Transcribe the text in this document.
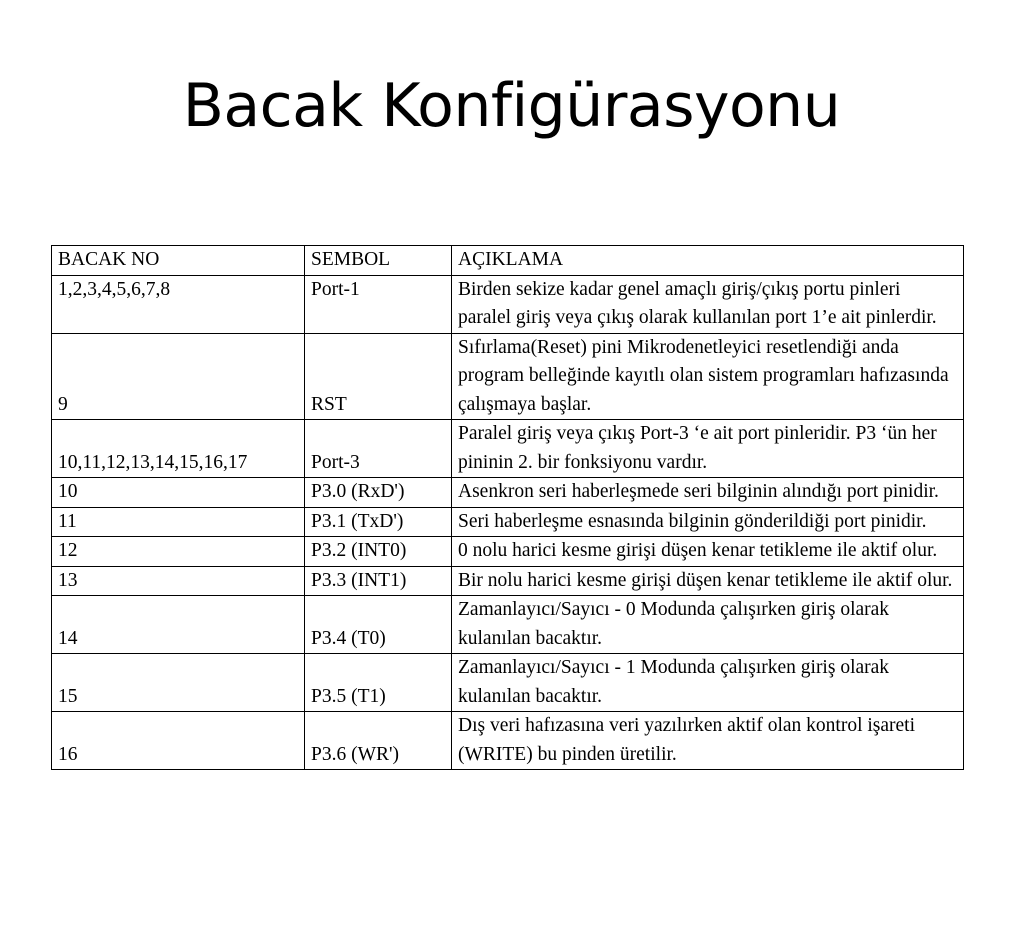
Bacak Konfigürasyonu
BACAK NO	SEMBOL	AÇIKLAMA
1,2,3,4,5,6,7,8	Port-1	Birden sekize kadar genel amaçlı giriş/çıkış portu pinleri paralel giriş veya çıkış olarak kullanılan port 1’e ait pinlerdir.
9	RST	Sıfırlama(Reset) pini Mikrodenetleyici resetlendiği anda program belleğinde kayıtlı olan sistem programları hafızasında çalışmaya başlar.
10,11,12,13,14,15,16,17	Port-3	Paralel giriş veya çıkış Port-3 ‘e ait port pinleridir. P3 ‘ün her pininin 2. bir fonksiyonu vardır.
10	P3.0 (RxD')	Asenkron seri haberleşmede seri bilginin alındığı port pinidir.
11	P3.1 (TxD')	Seri haberleşme esnasında bilginin gönderildiği port pinidir.
12	P3.2 (INT0)	0 nolu harici kesme girişi düşen kenar tetikleme ile aktif olur.
13	P3.3 (INT1)	Bir nolu harici kesme girişi düşen kenar tetikleme ile aktif olur.
14	P3.4 (T0)	Zamanlayıcı/Sayıcı - 0 Modunda çalışırken giriş olarak kulanılan bacaktır.
15	P3.5 (T1)	Zamanlayıcı/Sayıcı - 1 Modunda çalışırken giriş olarak kulanılan bacaktır.
16	P3.6 (WR')	Dış veri hafızasına veri yazılırken aktif olan kontrol işareti (WRITE) bu pinden üretilir.
